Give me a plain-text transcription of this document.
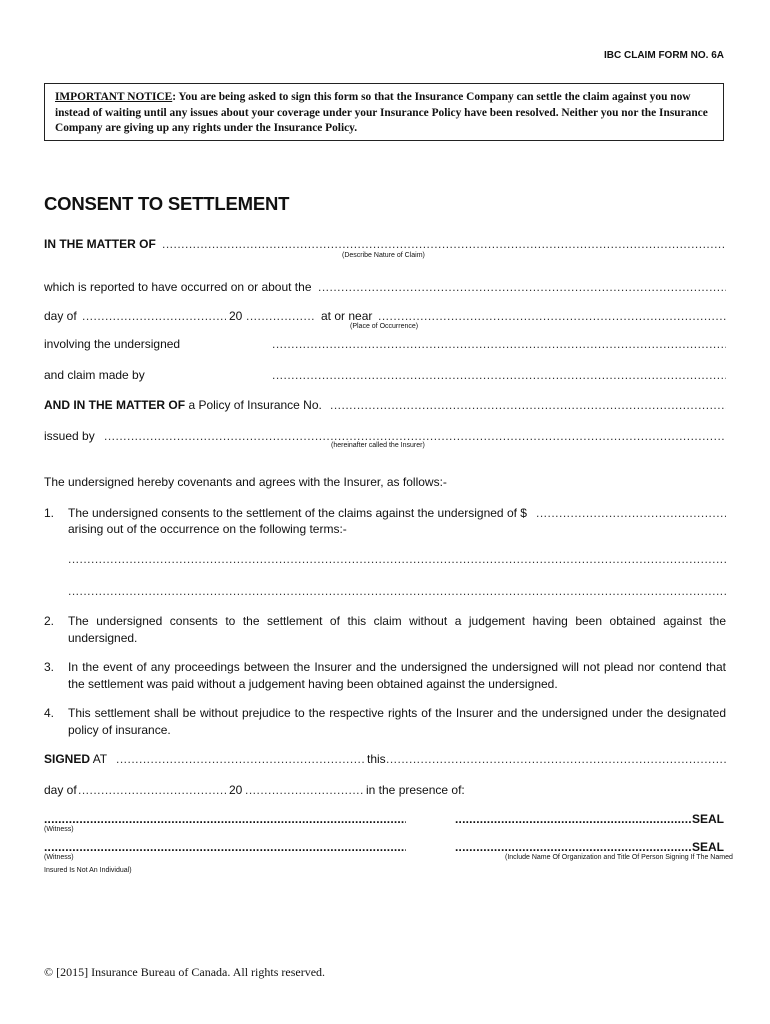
IBC CLAIM FORM NO. 6A
IMPORTANT NOTICE: You are being asked to sign this form so that the Insurance Company can settle the claim against you now instead of waiting until any issues about your coverage under your Insurance Policy have been resolved. Neither you nor the Insurance Company are giving up any rights under the Insurance Policy.
CONSENT TO SETTLEMENT
IN THE MATTER OF
.....
(Describe Nature of Claim)
which is reported to have occurred on or about the
.....
day of .....	20 .....	at or near
.....
(Place of Occurrence)
involving the undersigned
.....
and claim made by
.....
AND IN THE MATTER OF a Policy of Insurance No.
.....
issued by
.....
(hereinafter called the Insurer)
The undersigned hereby covenants and agrees with the Insurer, as follows:-
1. The undersigned consents to the settlement of the claims against the undersigned of $
.....
arising out of the occurrence on the following terms:-
.....
.....
2. The undersigned consents to the settlement of this claim without a judgement having been obtained against the undersigned.
3. In the event of any proceedings between the Insurer and the undersigned the undersigned will not plead nor contend that the settlement was paid without a judgement having been obtained against the undersigned.
4. This settlement shall be without prejudice to the respective rights of the Insurer and the undersigned under the designated policy of insurance.
SIGNED AT .....	this
.....
day of .....	20 .....	in the presence of:
.....
(Witness)
.....
SEAL
.....
(Witness)
.....
SEAL
(Include Name Of Organization and Title Of Person Signing If The Named
Insured Is Not An Individual)
© [2015] Insurance Bureau of Canada. All rights reserved.
